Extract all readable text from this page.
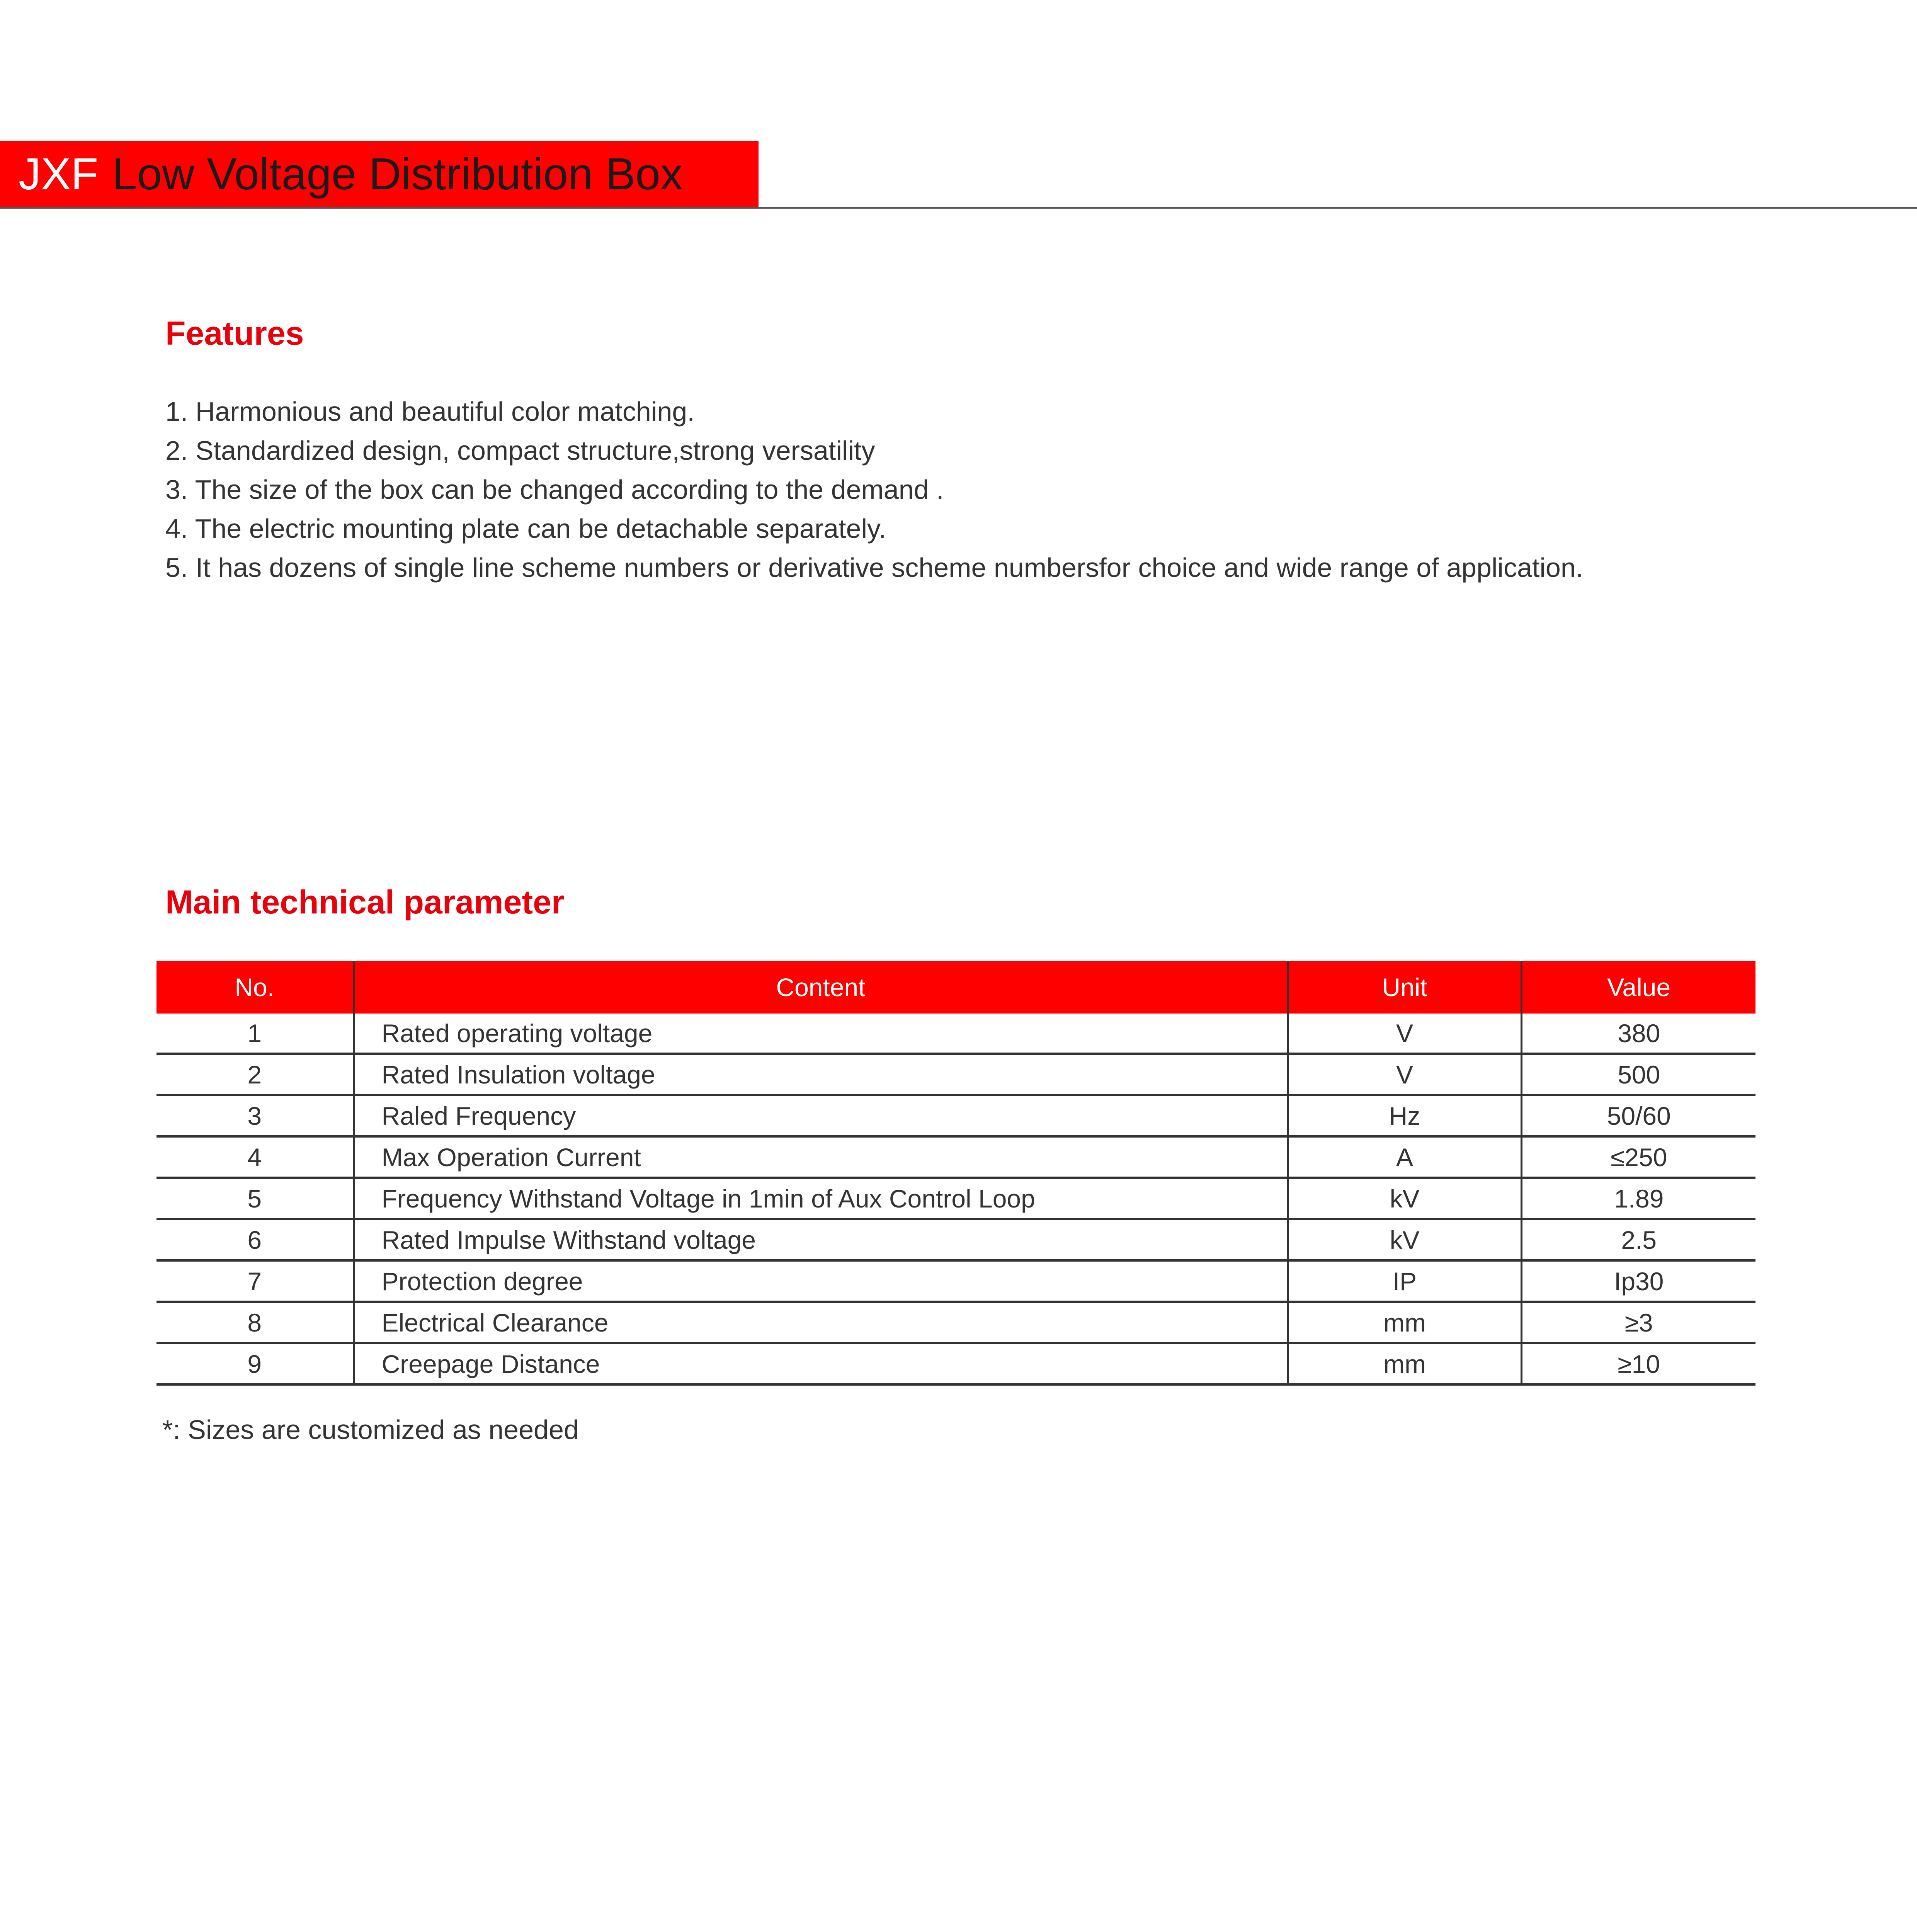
JXF Low Voltage Distribution Box
Features
1. Harmonious and beautiful color matching.
2. Standardized design, compact structure,strong versatility
3. The size of the box can be changed according to the demand .
4. The electric mounting plate can be detachable separately.
5. It has dozens of single line scheme numbers or derivative scheme numbersfor choice and wide range of application.
Main technical parameter
No.	Content	Unit	Value
1	Rated operating voltage	V	380
2	Rated Insulation voltage	V	500
3	Raled Frequency	Hz	50/60
4	Max Operation Current	A	≤250
5	Frequency Withstand Voltage in 1min of Aux Control Loop	kV	1.89
6	Rated Impulse Withstand voltage	kV	2.5
7	Protection degree	IP	Ip30
8	Electrical Clearance	mm	≥3
9	Creepage Distance	mm	≥10
*: Sizes are customized as needed
